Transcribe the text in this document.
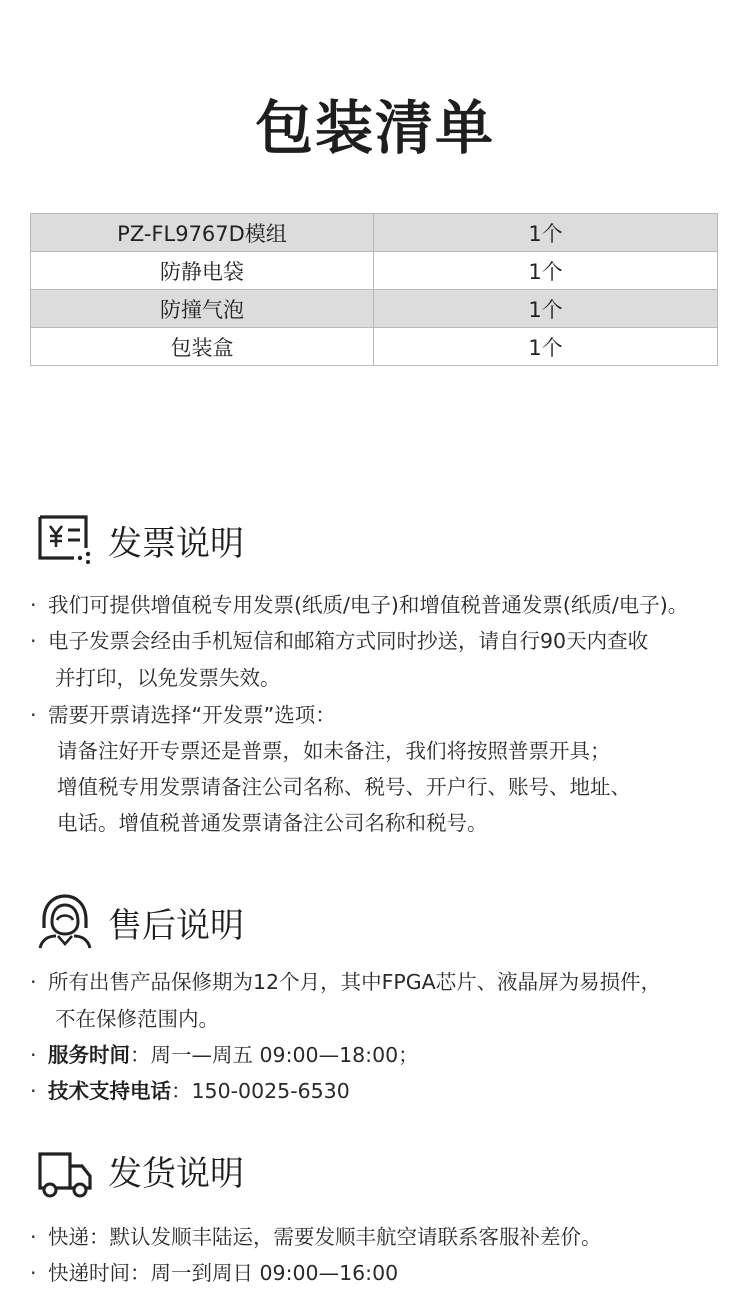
包装清单
PZ-FL9767D模组	1个
防静电袋	1个
防撞气泡	1个
包装盒	1个
发票说明
· 我们可提供增值税专用发票(纸质/电子)和增值税普通发票(纸质/电子)。
· 电子发票会经由手机短信和邮箱方式同时抄送，请自行90天内查收
并打印，以免发票失效。
· 需要开票请选择“开发票”选项：
请备注好开专票还是普票，如未备注，我们将按照普票开具；
增值税专用发票请备注公司名称、税号、开户行、账号、地址、
电话。增值税普通发票请备注公司名称和税号。
售后说明
· 所有出售产品保修期为12个月，其中FPGA芯片、液晶屏为易损件，
不在保修范围内。
· 服务时间：周一—周五 09:00—18:00；
· 技术支持电话：150-0025-6530
发货说明
· 快递：默认发顺丰陆运，需要发顺丰航空请联系客服补差价。
· 快递时间：周一到周日 09:00—16:00
